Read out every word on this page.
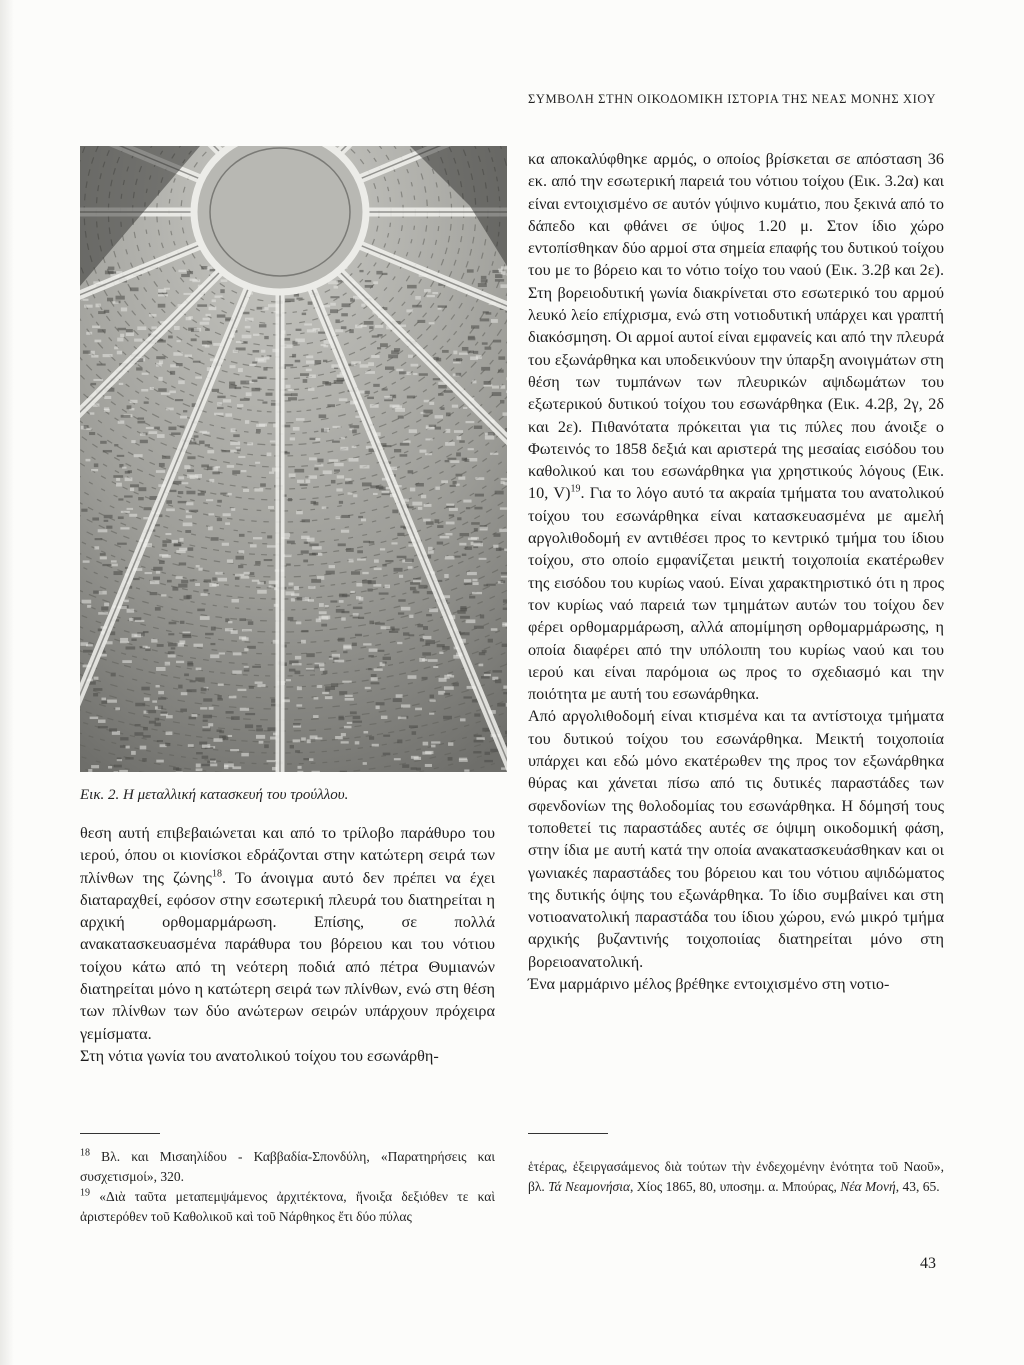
ΣΥΜΒΟΛΗ ΣΤΗΝ ΟΙΚΟΔΟΜΙΚΗ ΙΣΤΟΡΙΑ ΤΗΣ ΝΕΑΣ ΜΟΝΗΣ ΧΙΟΥ
Εικ. 2. Η μεταλλική κατασκευή του τρούλλου.

θεση αυτή επιβεβαιώνεται και από το τρίλοβο παράθυρο του ιερού, όπου οι κιονίσκοι εδράζονται στην κατώτερη σειρά των πλίνθων της ζώνης$^{18}$. Το άνοιγμα αυτό δεν πρέπει να έχει διαταραχθεί, εφόσον στην εσωτερική πλευρά του διατηρείται η αρχική ορθομαρμάρωση. Επίσης, σε πολλά ανακατασκευασμένα παράθυρα του βόρειου και του νότιου τοίχου κάτω από τη νεότερη ποδιά από πέτρα Θυμιανών διατηρείται μόνο η κατώτερη σειρά των πλίνθων, ενώ στη θέση των πλίνθων των δύο ανώτερων σειρών υπάρχουν πρόχειρα γεμίσματα.

Στη νότια γωνία του ανατολικού τοίχου του εσωνάρθη-

κα αποκαλύφθηκε αρμός, ο οποίος βρίσκεται σε απόσταση 36 εκ. από την εσωτερική παρειά του νότιου τοίχου (Εικ. 3.2α) και είναι εντοιχισμένο σε αυτόν γύψινο κυμάτιο, που ξεκινά από το δάπεδο και φθάνει σε ύψος 1.20 μ. Στον ίδιο χώρο εντοπίσθηκαν δύο αρμοί στα σημεία επαφής του δυτικού τοίχου του με το βόρειο και το νότιο τοίχο του ναού (Εικ. 3.2β και 2ε). Στη βορειοδυτική γωνία διακρίνεται στο εσωτερικό του αρμού λευκό λείο επίχρισμα, ενώ στη νοτιοδυτική υπάρχει και γραπτή διακόσμηση. Οι αρμοί αυτοί είναι εμφανείς και από την πλευρά του εξωνάρθηκα και υποδεικνύουν την ύπαρξη ανοιγμάτων στη θέση των τυμπάνων των πλευρικών αψιδωμάτων του εξωτερικού δυτικού τοίχου του εσωνάρθηκα (Εικ. 4.2β, 2γ, 2δ και 2ε). Πιθανότατα πρόκειται για τις πύλες που άνοιξε ο Φωτεινός το 1858 δεξιά και αριστερά της μεσαίας εισόδου του καθολικού και του εσωνάρθηκα για χρηστικούς λόγους (Εικ. 10, V)$^{19}$. Για το λόγο αυτό τα ακραία τμήματα του ανατολικού τοίχου του εσωνάρθηκα είναι κατασκευασμένα με αμελή αργολιθοδομή εν αντιθέσει προς το κεντρικό τμήμα του ίδιου τοίχου, στο οποίο εμφανίζεται μεικτή τοιχοποιία εκατέρωθεν της εισόδου του κυρίως ναού. Είναι χαρακτηριστικό ότι η προς τον κυρίως ναό παρειά των τμημάτων αυτών του τοίχου δεν φέρει ορθομαρμάρωση, αλλά απομίμηση ορθομαρμάρωσης, η οποία διαφέρει από την υπόλοιπη του κυρίως ναού και του ιερού και είναι παρόμοια ως προς το σχεδιασμό και την ποιότητα με αυτή του εσωνάρθηκα.

Από αργολιθοδομή είναι κτισμένα και τα αντίστοιχα τμήματα του δυτικού τοίχου του εσωνάρθηκα. Μεικτή τοιχοποιία υπάρχει και εδώ μόνο εκατέρωθεν της προς τον εξωνάρθηκα θύρας και χάνεται πίσω από τις δυτικές παραστάδες των σφενδονίων της θολοδομίας του εσωνάρθηκα. Η δόμησή τους τοποθετεί τις παραστάδες αυτές σε όψιμη οικοδομική φάση, στην ίδια με αυτή κατά την οποία ανακατασκευάσθηκαν και οι γωνιακές παραστάδες του βόρειου και του νότιου αψιδώματος της δυτικής όψης του εξωνάρθηκα. Το ίδιο συμβαίνει και στη νοτιοανατολική παραστάδα του ίδιου χώρου, ενώ μικρό τμήμα αρχικής βυζαντινής τοιχοποιίας διατηρείται μόνο στη βορειοανατολική.

Ένα μαρμάρινο μέλος βρέθηκε εντοιχισμένο στη νοτιο-

$^{18}$ Βλ. και Μισαηλίδου - Καββαδία-Σπονδύλη, «Παρατηρήσεις και συσχετισμοί», 320.

$^{19}$ «Διὰ ταῦτα μεταπεμψάμενος ἀρχιτέκτονα, ἤνοιξα δεξιόθεν τε καὶ ἀριστερόθεν τοῦ Καθολικοῦ καὶ τοῦ Νάρθηκος ἔτι δύο πύλας

ἑτέρας, ἐξειργασάμενος διὰ τούτων τὴν ἐνδεχομένην ἑνότητα τοῦ Ναοῦ», βλ. Τά Νεαμονήσια, Χίος 1865, 80, υποσημ. α. Μπούρας, Νέα Μονή, 43, 65.

43
